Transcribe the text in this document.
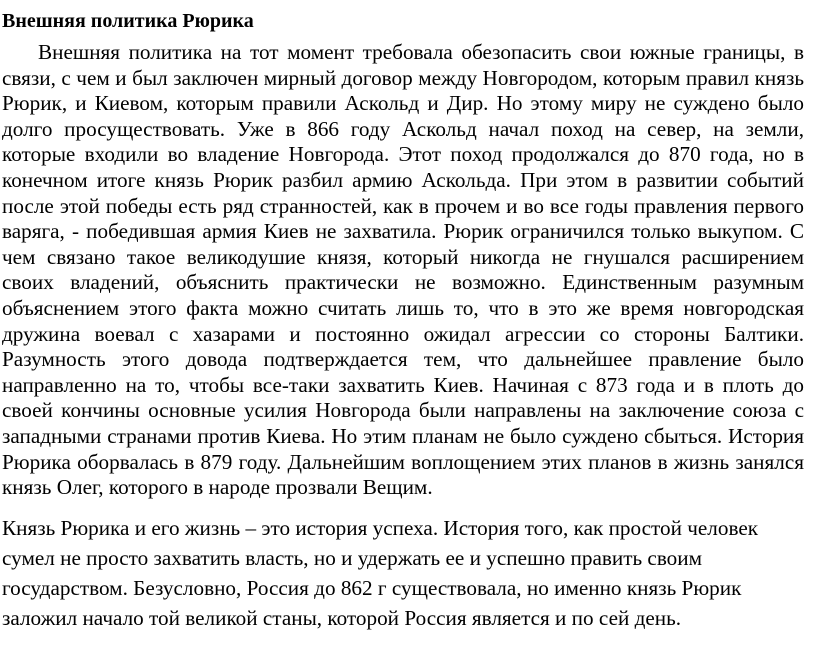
Внешняя политика Рюрика

Внешняя политика на тот момент требовала обезопасить свои южные границы, в связи, с чем и был заключен мирный договор между Новгородом, которым правил князь Рюрик, и Киевом, которым правили Аскольд и Дир. Но этому миру не суждено было долго просуществовать. Уже в 866 году Аскольд начал поход на север, на земли, которые входили во владение Новгорода. Этот поход продолжался до 870 года, но в конечном итоге князь Рюрик разбил армию Аскольда. При этом в развитии событий после этой победы есть ряд странностей, как в прочем и во все годы правления первого варяга, - победившая армия Киев не захватила. Рюрик ограничился только выкупом. С чем связано такое великодушие князя, который никогда не гнушался расширением своих владений, объяснить практически не возможно. Единственным разумным объяснением этого факта можно считать лишь то, что в это же время новгородская дружина воевал с хазарами и постоянно ожидал агрессии со стороны Балтики. Разумность этого довода подтверждается тем, что дальнейшее правление было направленно на то, чтобы все-таки захватить Киев. Начиная с 873 года и в плоть до своей кончины основные усилия Новгорода были направлены на заключение союза с западными странами против Киева. Но этим планам не было суждено сбыться. История Рюрика оборвалась в 879 году. Дальнейшим воплощением этих планов в жизнь занялся князь Олег, которого в народе прозвали Вещим.

Князь Рюрика и его жизнь – это история успеха. История того, как простой человек сумел не просто захватить власть, но и удержать ее и успешно править своим государством. Безусловно, Россия до 862 г существовала, но именно князь Рюрик заложил начало той великой станы, которой Россия является и по сей день.
